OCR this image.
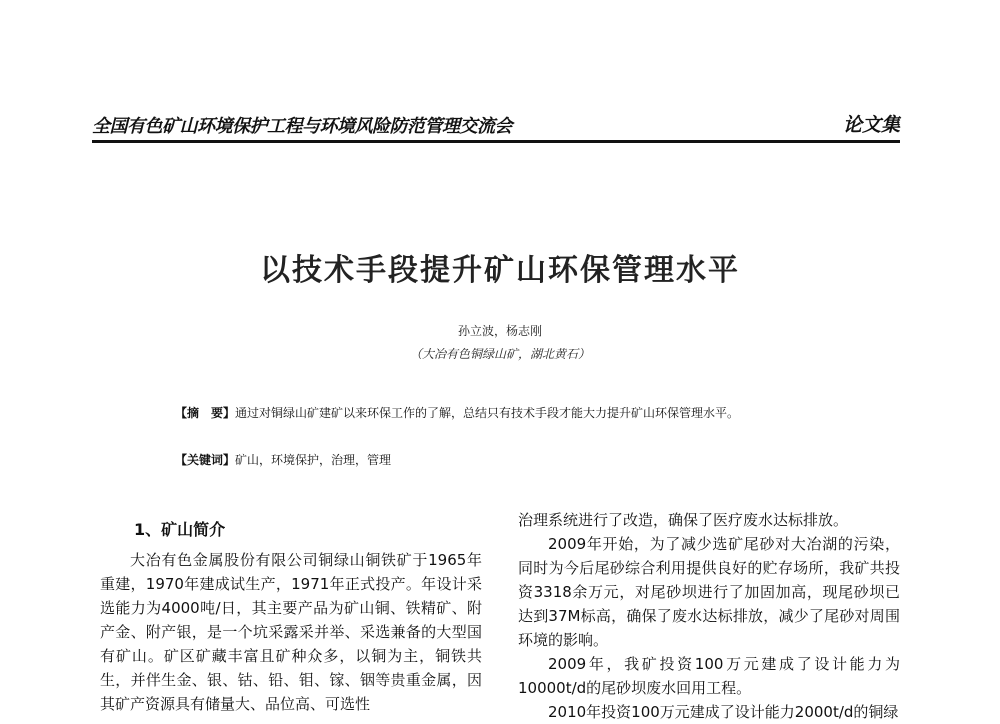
全国有色矿山环境保护工程与环境风险防范管理交流会	论文集
以技术手段提升矿山环保管理水平
孙立波，杨志刚
（大冶有色铜绿山矿，湖北黄石）
【摘　要】通过对铜绿山矿建矿以来环保工作的了解，总结只有技术手段才能大力提升矿山环保管理水平。
【关键词】矿山，环境保护，治理，管理

1、矿山简介

大冶有色金属股份有限公司铜绿山铜铁矿于1965年重建，1970年建成试生产，1971年正式投产。年设计采选能力为4000吨/日，其主要产品为矿山铜、铁精矿、附产金、附产银，是一个坑采露采并举、采选兼备的大型国有矿山。矿区矿藏丰富且矿种众多，以铜为主，铜铁共生，并伴生金、银、钴、铅、钼、镓、铟等贵重金属，因其矿产资源具有储量大、品位高、可选性

治理系统进行了改造，确保了医疗废水达标排放。

2009年开始，为了减少选矿尾砂对大冶湖的污染，同时为今后尾砂综合利用提供良好的贮存场所，我矿共投资3318余万元，对尾砂坝进行了加固加高，现尾砂坝已达到37M标高，确保了废水达标排放，减少了尾砂对周围环境的影响。

2009年，我矿投资100万元建成了设计能力为10000t/d的尾砂坝废水回用工程。

2010年投资100万元建成了设计能力2000t/d的铜绿
